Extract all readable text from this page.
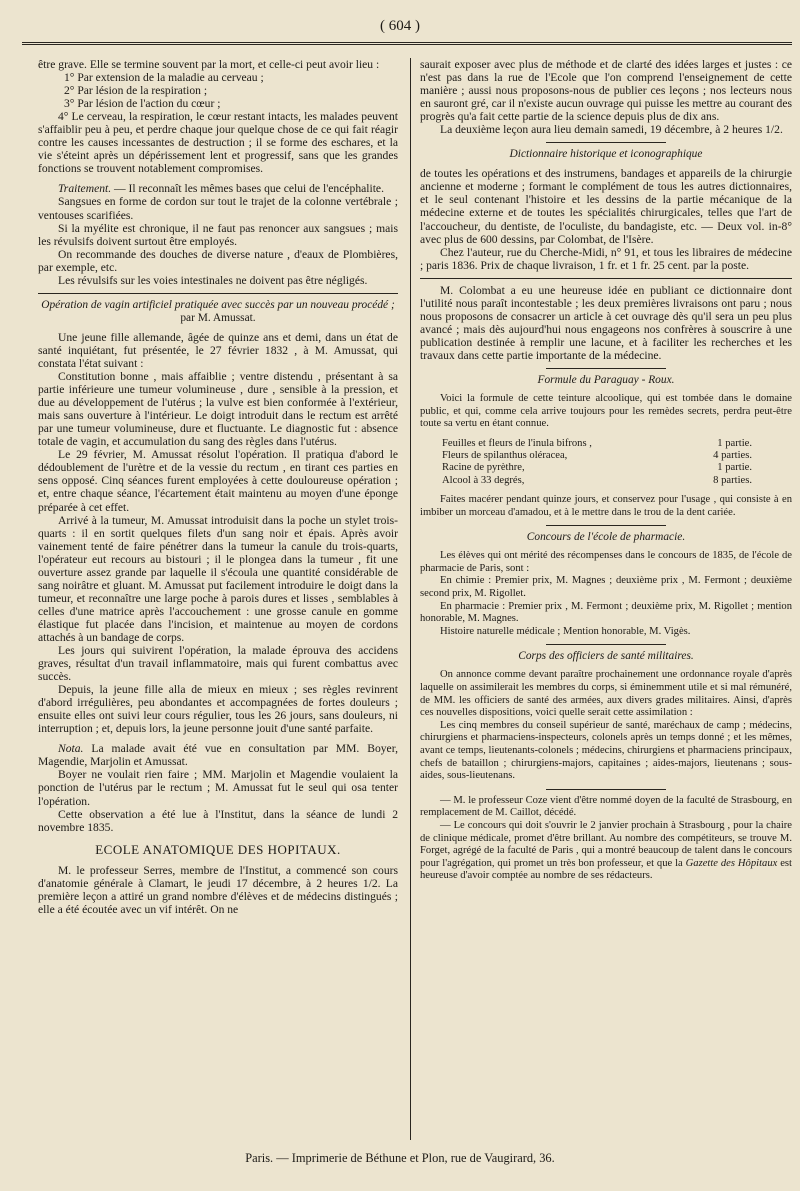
( 604 )

être grave. Elle se termine souvent par la mort, et celle-ci peut avoir lieu :

1° Par extension de la maladie au cerveau ;

2° Par lésion de la respiration ;

3° Par lésion de l'action du cœur ;

4° Le cerveau, la respiration, le cœur restant intacts, les malades peuvent s'affaiblir peu à peu, et perdre chaque jour quelque chose de ce qui fait réagir contre les causes incessantes de destruction ; il se forme des eschares, et la vie s'éteint après un dépérissement lent et progressif, sans que les grandes fonctions se trouvent notablement compromises.

Traitement. — Il reconnaît les mêmes bases que celui de l'encéphalite.

Sangsues en forme de cordon sur tout le trajet de la colonne vertébrale ; ventouses scarifiées.

Si la myélite est chronique, il ne faut pas renoncer aux sangsues ; mais les révulsifs doivent surtout être employés.

On recommande des douches de diverse nature , d'eaux de Plombières, par exemple, etc.

Les révulsifs sur les voies intestinales ne doivent pas être négligés.

Opération de vagin artificiel pratiquée avec succès par un nouveau procédé ; par M. Amussat.

Une jeune fille allemande, âgée de quinze ans et demi, dans un état de santé inquiétant, fut présentée, le 27 février 1832 , à M. Amussat, qui constata l'état suivant :

Constitution bonne , mais affaiblie ; ventre distendu , présentant à sa partie inférieure une tumeur volumineuse , dure , sensible à la pression, et due au développement de l'utérus ; la vulve est bien conformée à l'extérieur, mais sans ouverture à l'intérieur. Le doigt introduit dans le rectum est arrêté par une tumeur volumineuse, dure et fluctuante. Le diagnostic fut : absence totale de vagin, et accumulation du sang des règles dans l'utérus.

Le 29 février, M. Amussat résolut l'opération. Il pratiqua d'abord le dédoublement de l'urètre et de la vessie du rectum , en tirant ces parties en sens opposé. Cinq séances furent employées à cette douloureuse opération ; et, entre chaque séance, l'écartement était maintenu au moyen d'une éponge préparée à cet effet.

Arrivé à la tumeur, M. Amussat introduisit dans la poche un stylet trois-quarts : il en sortit quelques filets d'un sang noir et épais. Après avoir vainement tenté de faire pénétrer dans la tumeur la canule du trois-quarts, l'opérateur eut recours au bistouri ; il le plongea dans la tumeur , fit une ouverture assez grande par laquelle il s'écoula une quantité considérable de sang noirâtre et gluant. M. Amussat put facilement introduire le doigt dans la tumeur, et reconnaître une large poche à parois dures et lisses , semblables à celles d'une matrice après l'accouchement : une grosse canule en gomme élastique fut placée dans l'incision, et maintenue au moyen de cordons attachés à un bandage de corps.

Les jours qui suivirent l'opération, la malade éprouva des accidens graves, résultat d'un travail inflammatoire, mais qui furent combattus avec succès.

Depuis, la jeune fille alla de mieux en mieux ; ses règles revinrent d'abord irrégulières, peu abondantes et accompagnées de fortes douleurs ; ensuite elles ont suivi leur cours régulier, tous les 26 jours, sans douleurs, ni interruption ; et, depuis lors, la jeune personne jouit d'une santé parfaite.

Nota. La malade avait été vue en consultation par MM. Boyer, Magendie, Marjolin et Amussat.

Boyer ne voulait rien faire ; MM. Marjolin et Magendie voulaient la ponction de l'utérus par le rectum ; M. Amussat fut le seul qui osa tenter l'opération.

Cette observation a été lue à l'Institut, dans la séance de lundi 2 novembre 1835.

ECOLE ANATOMIQUE DES HOPITAUX.

M. le professeur Serres, membre de l'Institut, a commencé son cours d'anatomie générale à Clamart, le jeudi 17 décembre, à 2 heures 1/2. La première leçon a attiré un grand nombre d'élèves et de médecins distingués ; elle a été écoutée avec un vif intérêt. On ne

saurait exposer avec plus de méthode et de clarté des idées larges et justes : ce n'est pas dans la rue de l'Ecole que l'on comprend l'enseignement de cette manière ; aussi nous proposons-nous de publier ces leçons ; nos lecteurs nous en sauront gré, car il n'existe aucun ouvrage qui puisse les mettre au courant des progrès qu'a fait cette partie de la science depuis plus de dix ans.

La deuxième leçon aura lieu demain samedi, 19 décembre, à 2 heures 1/2.

Dictionnaire historique et iconographique

de toutes les opérations et des instrumens, bandages et appareils de la chirurgie ancienne et moderne ; formant le complément de tous les autres dictionnaires, et le seul contenant l'histoire et les dessins de la partie mécanique de la médecine externe et de toutes les spécialités chirurgicales, telles que l'art de l'accoucheur, du dentiste, de l'oculiste, du bandagiste, etc. — Deux vol. in-8° avec plus de 600 dessins, par Colombat, de l'Isère.

Chez l'auteur, rue du Cherche-Midi, n° 91, et tous les libraires de médecine ; paris 1836. Prix de chaque livraison, 1 fr. et 1 fr. 25 cent. par la poste.

M. Colombat a eu une heureuse idée en publiant ce dictionnaire dont l'utilité nous paraît incontestable ; les deux premières livraisons ont paru ; nous nous proposons de consacrer un article à cet ouvrage dès qu'il sera un peu plus avancé ; mais dès aujourd'hui nous engageons nos confrères à souscrire à une publication destinée à remplir une lacune, et à faciliter les recherches et les travaux dans cette partie importante de la médecine.

Formule du Paraguay - Roux.

Voici la formule de cette teinture alcoolique, qui est tombée dans le domaine public, et qui, comme cela arrive toujours pour les remèdes secrets, perdra peut-être toute sa vertu en étant connue.

Feuilles et fleurs de l'inula bifrons ,	1 partie.
Fleurs de spilanthus oléracea,	4 parties.
Racine de pyrèthre,	1 partie.
Alcool à 33 degrés,	8 parties.

Faites macérer pendant quinze jours, et conservez pour l'usage , qui consiste à en imbiber un morceau d'amadou, et à le mettre dans le trou de la dent cariée.

Concours de l'école de pharmacie.

Les élèves qui ont mérité des récompenses dans le concours de 1835, de l'école de pharmacie de Paris, sont :

En chimie : Premier prix, M. Magnes ; deuxième prix , M. Fermont ; deuxième second prix, M. Rigollet.

En pharmacie : Premier prix , M. Fermont ; deuxième prix, M. Rigollet ; mention honorable, M. Magnes.

Histoire naturelle médicale ; Mention honorable, M. Vigès.

Corps des officiers de santé militaires.

On annonce comme devant paraître prochainement une ordonnance royale d'après laquelle on assimilerait les membres du corps, si éminemment utile et si mal rémunéré, de MM. les officiers de santé des armées, aux divers grades militaires. Ainsi, d'après ces nouvelles dispositions, voici quelle serait cette assimilation :

Les cinq membres du conseil supérieur de santé, maréchaux de camp ; médecins, chirurgiens et pharmaciens-inspecteurs, colonels après un temps donné ; et les mêmes, avant ce temps, lieutenants-colonels ; médecins, chirurgiens et pharmaciens principaux, chefs de bataillon ; chirurgiens-majors, capitaines ; aides-majors, lieutenans ; sous-aides, sous-lieutenans.

— M. le professeur Coze vient d'être nommé doyen de la faculté de Strasbourg, en remplacement de M. Caillot, décédé.

— Le concours qui doit s'ouvrir le 2 janvier prochain à Strasbourg , pour la chaire de clinique médicale, promet d'être brillant. Au nombre des compétiteurs, se trouve M. Forget, agrégé de la faculté de Paris , qui a montré beaucoup de talent dans le concours pour l'agrégation, qui promet un très bon professeur, et que la Gazette des Hôpitaux est heureuse d'avoir comptée au nombre de ses rédacteurs.

Paris. — Imprimerie de Béthune et Plon, rue de Vaugirard, 36.
